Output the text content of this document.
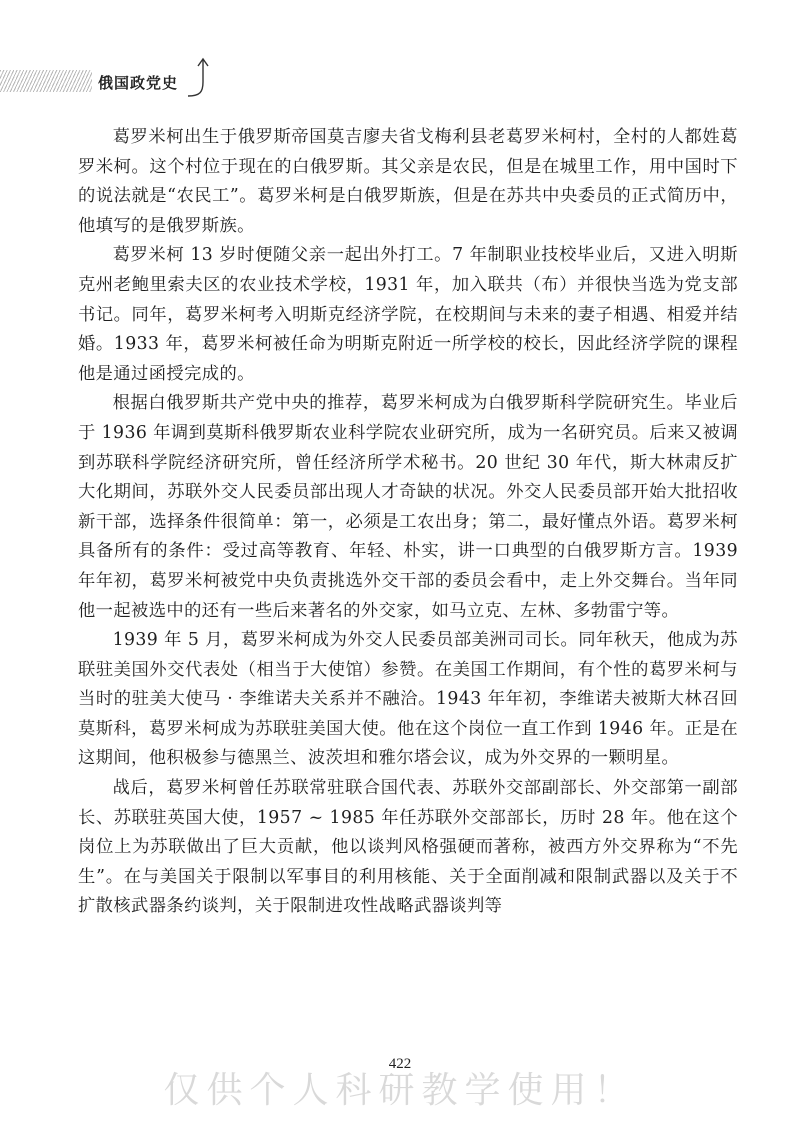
俄国政党史

葛罗米柯出生于俄罗斯帝国莫吉廖夫省戈梅利县老葛罗米柯村，全村的人都姓葛罗米柯。这个村位于现在的白俄罗斯。其父亲是农民，但是在城里工作，用中国时下的说法就是“农民工”。葛罗米柯是白俄罗斯族，但是在苏共中央委员的正式简历中，他填写的是俄罗斯族。

葛罗米柯 13 岁时便随父亲一起出外打工。7 年制职业技校毕业后，又进入明斯克州老鲍里索夫区的农业技术学校，1931 年，加入联共（布）并很快当选为党支部书记。同年，葛罗米柯考入明斯克经济学院，在校期间与未来的妻子相遇、相爱并结婚。1933 年，葛罗米柯被任命为明斯克附近一所学校的校长，因此经济学院的课程他是通过函授完成的。

根据白俄罗斯共产党中央的推荐，葛罗米柯成为白俄罗斯科学院研究生。毕业后于 1936 年调到莫斯科俄罗斯农业科学院农业研究所，成为一名研究员。后来又被调到苏联科学院经济研究所，曾任经济所学术秘书。20 世纪 30 年代，斯大林肃反扩大化期间，苏联外交人民委员部出现人才奇缺的状况。外交人民委员部开始大批招收新干部，选择条件很简单：第一，必须是工农出身；第二，最好懂点外语。葛罗米柯具备所有的条件：受过高等教育、年轻、朴实，讲一口典型的白俄罗斯方言。1939 年年初，葛罗米柯被党中央负责挑选外交干部的委员会看中，走上外交舞台。当年同他一起被选中的还有一些后来著名的外交家，如马立克、左林、多勃雷宁等。

1939 年 5 月，葛罗米柯成为外交人民委员部美洲司司长。同年秋天，他成为苏联驻美国外交代表处（相当于大使馆）参赞。在美国工作期间，有个性的葛罗米柯与当时的驻美大使马 · 李维诺夫关系并不融洽。1943 年年初，李维诺夫被斯大林召回莫斯科，葛罗米柯成为苏联驻美国大使。他在这个岗位一直工作到 1946 年。正是在这期间，他积极参与德黑兰、波茨坦和雅尔塔会议，成为外交界的一颗明星。

战后，葛罗米柯曾任苏联常驻联合国代表、苏联外交部副部长、外交部第一副部长、苏联驻英国大使，1957 ~ 1985 年任苏联外交部部长，历时 28 年。他在这个岗位上为苏联做出了巨大贡献，他以谈判风格强硬而著称，被西方外交界称为“不先生”。在与美国关于限制以军事目的利用核能、关于全面削减和限制武器以及关于不扩散核武器条约谈判，关于限制进攻性战略武器谈判等

422
仅供个人科研教学使用！
